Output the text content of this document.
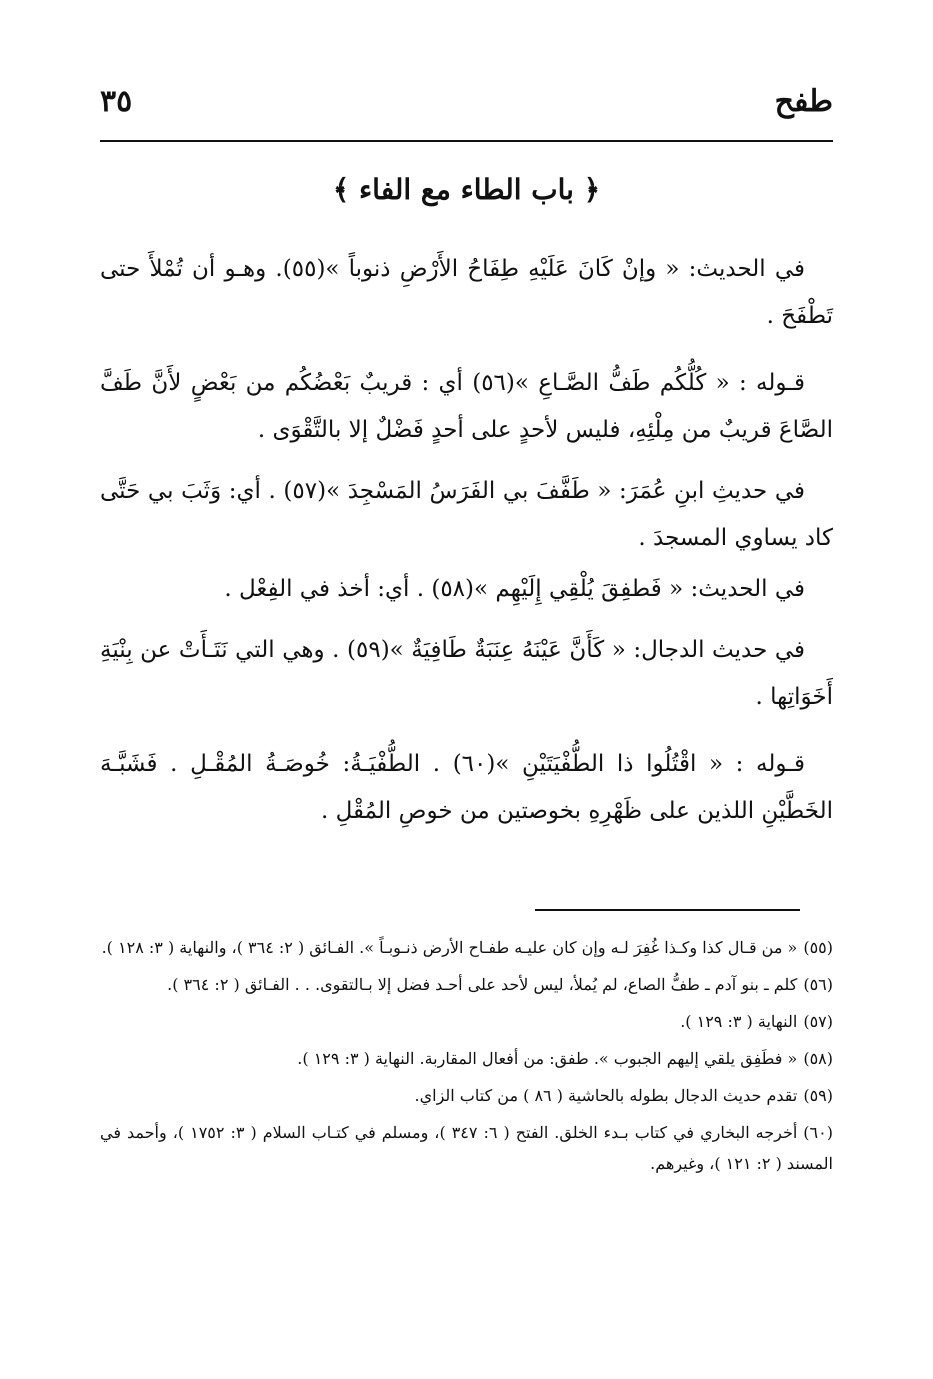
طفح
٣٥
﴿ باب الطاء مع الفاء ﴾

في الحديث: « وإنْ كَانَ عَلَيْهِ طِفَاحُ الأَرْضِ ذنوباً »(٥٥). وهـو أن تُمْلأَ حتى تَطْفَحَ .

قـوله : « كُلُّكُم طَفُّ الصَّـاعِ »(٥٦) أي : قريبٌ بَعْضُكُم من بَعْضٍ لأَنَّ طَفَّ الصَّاعَ قريبٌ من مِلْئِهِ، فليس لأحدٍ على أحدٍ فَضْلٌ إلا بالتَّقْوَى .

في حديثِ ابنِ عُمَرَ: « طَفَّفَ بي الفَرَسُ المَسْجِدَ »(٥٧) . أي: وَثَبَ بي حَتَّى كاد يساوي المسجدَ .

في الحديث: « فَطفِقَ يُلْقِي إِلَيْهِم »(٥٨) . أي: أخذ في الفِعْل .

في حديث الدجال: « كَأَنَّ عَيْنَهُ عِنَبَةٌ طَافِيَةٌ »(٥٩) . وهي التي نَتَـأَتْ عن بِنْيَةِ أَخَوَاتِها .

قـوله : « اقْتُلُوا ذا الطُّفْيَتَيْنِ »(٦٠) . الطُّفْيَـةُ: خُوصَـةُ المُقْـلِ . فَشَبَّـهَ الخَطَّيْنِ اللذين على ظَهْرِهِ بخوصتين من خوصِ المُقْلِ .

(٥٥)« من قـال كذا وكـذا غُفِرَ لـه وإن كان عليـه طفـاح الأرض ذنـوبـاً ». الفـائق ( ٢: ٣٦٤ )، والنهاية ( ٣: ١٢٨ ).

(٥٦)كلم ـ بنو آدم ـ طفُّ الصاع، لم يُملأ، ليس لأحد على أحـد فضل إلا بـالتقوى. . . الفـائق ( ٢: ٣٦٤ ).

(٥٧)النهاية ( ٣: ١٢٩ ).

(٥٨)« فطَفِق يلقي إليهم الجبوب ». طفق: من أفعال المقاربة. النهاية ( ٣: ١٢٩ ).

(٥٩)تقدم حديث الدجال بطوله بالحاشية ( ٨٦ ) من كتاب الزاي.

(٦٠)أخرجه البخاري في كتاب بـدء الخلق. الفتح ( ٦: ٣٤٧ )، ومسلم في كتـاب السلام ( ٣: ١٧٥٢ )، وأحمد في المسند ( ٢: ١٢١ )، وغيرهم.
